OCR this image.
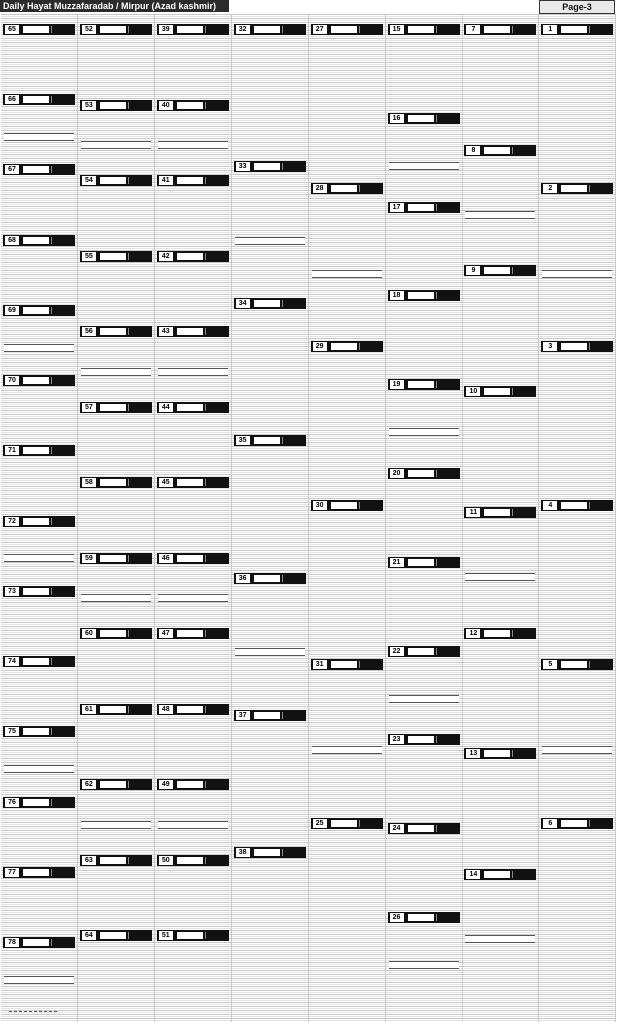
Daily Hayat Muzzafaradab / Mirpur (Azad kashmir)	Page-3
65
66
67
68
69
70
71
72
73
74
75
76
77
78
52
53
54
55
56
57
58
59
60
61
62
63
64
39
40
41
42
43
44
45
46
47
48
49
50
51
32
33
34
35
36
37
38
27
28
29
30
31
25
15
16
17
18
19
20
21
22
23
24
26
7
8
9
10
11
12
13
14
1
2
3
4
5
6
